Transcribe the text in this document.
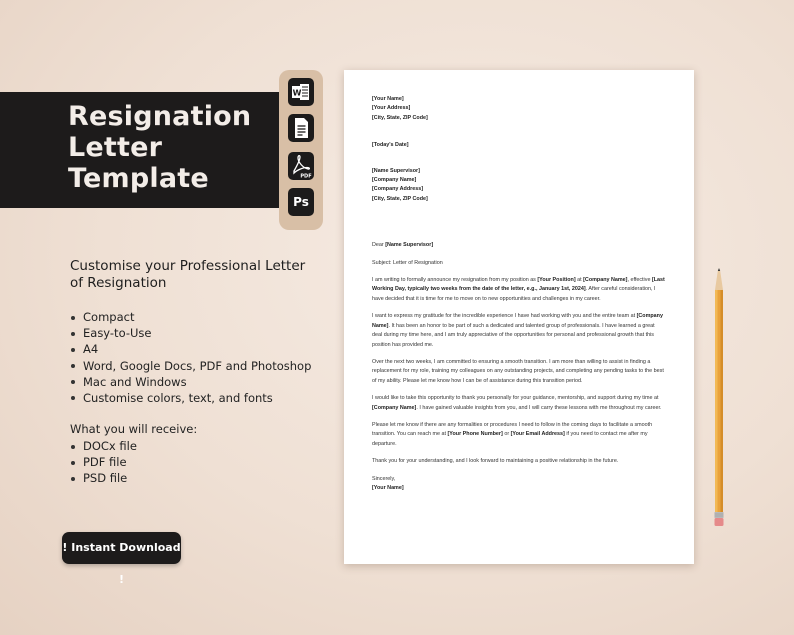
Resignation
Letter
Template
W
PDF
Ps
Customise your Professional Letter of Resignation
Compact
Easy-to-Use
A4
Word, Google Docs, PDF and Photoshop
Mac and Windows
Customise colors, text, and fonts
What you will receive:
DOCx file
PDF file
PSD file
! Instant Download !

[Your Name]

[Your Address]

[City, State, ZIP Code]

[Today's Date]

[Name Supervisor]

[Company Name]

[Company Address]

[City, State, ZIP Code]

Dear [Name Supervisor]

Subject: Letter of Resignation

I am writing to formally announce my resignation from my position as [Your Position] at [Company Name], effective [Last Working Day, typically two weeks from the date of the letter, e.g., January 1st, 2024]. After careful consideration, I have decided that it is time for me to move on to new opportunities and challenges in my career.

I want to express my gratitude for the incredible experience I have had working with you and the entire team at [Company Name]. It has been an honor to be part of such a dedicated and talented group of professionals. I have learned a great deal during my time here, and I am truly appreciative of the opportunities for personal and professional growth that this position has provided me.

Over the next two weeks, I am committed to ensuring a smooth transition. I am more than willing to assist in finding a replacement for my role, training my colleagues on any outstanding projects, and completing any pending tasks to the best of my ability. Please let me know how I can be of assistance during this transition period.

I would like to take this opportunity to thank you personally for your guidance, mentorship, and support during my time at [Company Name]. I have gained valuable insights from you, and I will carry these lessons with me throughout my career.

Please let me know if there are any formalities or procedures I need to follow in the coming days to facilitate a smooth transition. You can reach me at [Your Phone Number] or [Your Email Address] if you need to contact me after my departure.

Thank you for your understanding, and I look forward to maintaining a positive relationship in the future.

Sincerely,

[Your Name]
